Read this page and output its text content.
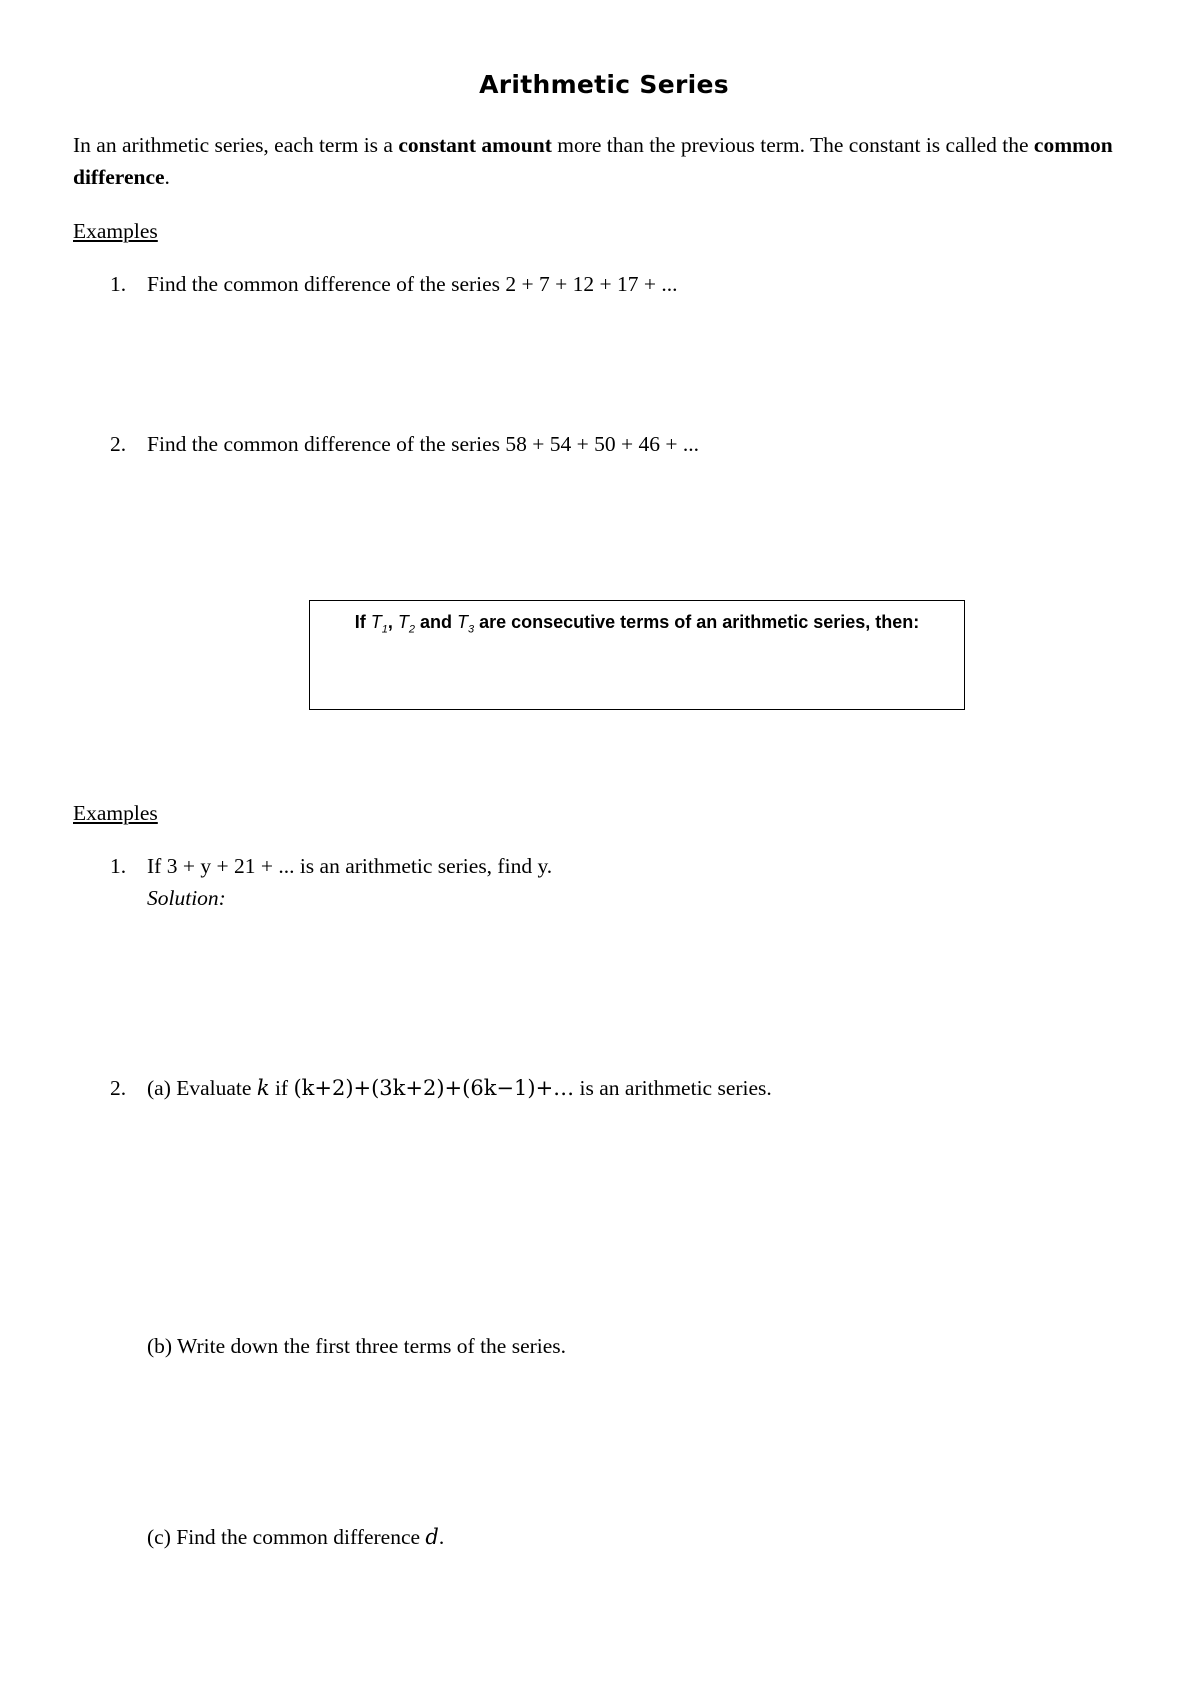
Arithmetic Series

In an arithmetic series, each term is a constant amount more than the previous term. The constant is called the common difference.

Examples

1. Find the common difference of the series 2 + 7 + 12 + 17 + ...
2. Find the common difference of the series 58 + 54 + 50 + 46 + ...
If $T_1$, $T_2$ and $T_3$ are consecutive terms of an arithmetic series, then:

Examples

1. If 3 + y + 21 + ... is an arithmetic series, find y.
Solution:
2. (a) Evaluate k if (k+2)+(3k+2)+(6k−1)+… is an arithmetic series.
(b) Write down the first three terms of the series.
(c) Find the common difference d.
